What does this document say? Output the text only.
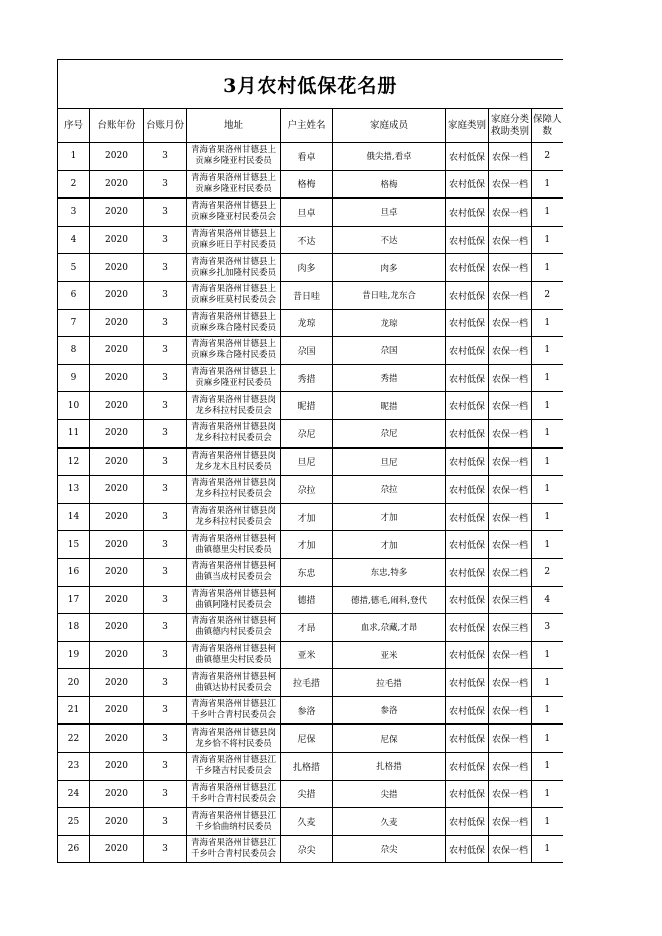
3月农村低保花名册								
序号	台账年份	台账月份	地址	户主姓名	家庭成员	家庭类别	家庭分类救助类别	保障人数
1	2020	3	青海省果洛州甘德县上贡麻乡隆亚村民委员	看卓	俄尖措,看卓	农村低保	农保一档	2
2	2020	3	青海省果洛州甘德县上贡麻乡隆亚村民委员	格梅	格梅	农村低保	农保一档	1
3	2020	3	青海省果洛州甘德县上贡麻乡隆亚村民委员会	旦卓	旦卓	农村低保	农保一档	1
4	2020	3	青海省果洛州甘德县上贡麻乡旺日芋村民委员	不达	不达	农村低保	农保一档	1
5	2020	3	青海省果洛州甘德县上贡麻乡扎加隆村民委员	肉多	肉多	农村低保	农保一档	1
6	2020	3	青海省果洛州甘德县上贡麻乡旺莫村民委员会	昔日哇	昔日哇,龙东合	农村低保	农保一档	2
7	2020	3	青海省果洛州甘德县上贡麻乡珠合隆村民委员	龙琼	龙琼	农村低保	农保一档	1
8	2020	3	青海省果洛州甘德县上贡麻乡珠合隆村民委员	尕国	尕国	农村低保	农保一档	1
9	2020	3	青海省果洛州甘德县上贡麻乡隆亚村民委员	秀措	秀措	农村低保	农保一档	1
10	2020	3	青海省果洛州甘德县岗龙乡科拉村民委员会	昵措	昵措	农村低保	农保一档	1
11	2020	3	青海省果洛州甘德县岗龙乡科拉村民委员会	尕尼	尕尼	农村低保	农保一档	1
12	2020	3	青海省果洛州甘德县岗龙乡龙木且村民委员	旦尼	旦尼	农村低保	农保一档	1
13	2020	3	青海省果洛州甘德县岗龙乡科拉村民委员会	尕拉	尕拉	农村低保	农保一档	1
14	2020	3	青海省果洛州甘德县岗龙乡科拉村民委员会	才加	才加	农村低保	农保一档	1
15	2020	3	青海省果洛州甘德县柯曲镇德里尖村民委员	才加	才加	农村低保	农保一档	1
16	2020	3	青海省果洛州甘德县柯曲镇当成村民委员会	东忠	东忠,特多	农村低保	农保二档	2
17	2020	3	青海省果洛州甘德县柯曲镇阿隆村民委员会	德措	德措,德毛,闹科,登代	农村低保	农保三档	4
18	2020	3	青海省果洛州甘德县柯曲镇德内村民委员会	才昂	血求,尕藏,才昂	农村低保	农保三档	3
19	2020	3	青海省果洛州甘德县柯曲镇德里尖村民委员	亚米	亚米	农村低保	农保一档	1
20	2020	3	青海省果洛州甘德县柯曲镇达协村民委员会	拉毛措	拉毛措	农村低保	农保一档	1
21	2020	3	青海省果洛州甘德县江千乡叶合青村民委员会	参洛	参洛	农村低保	农保一档	1
22	2020	3	青海省果洛州甘德县岗龙乡恰不将村民委员	尼保	尼保	农村低保	农保一档	1
23	2020	3	青海省果洛州甘德县江千乡隆吉村民委员会	扎格措	扎格措	农村低保	农保一档	1
24	2020	3	青海省果洛州甘德县江千乡叶合青村民委员会	尖措	尖措	农村低保	农保一档	1
25	2020	3	青海省果洛州甘德县江千乡恰曲纳村民委员	久麦	久麦	农村低保	农保一档	1
26	2020	3	青海省果洛州甘德县江千乡叶合青村民委员会	尕尖	尕尖	农村低保	农保一档	1
